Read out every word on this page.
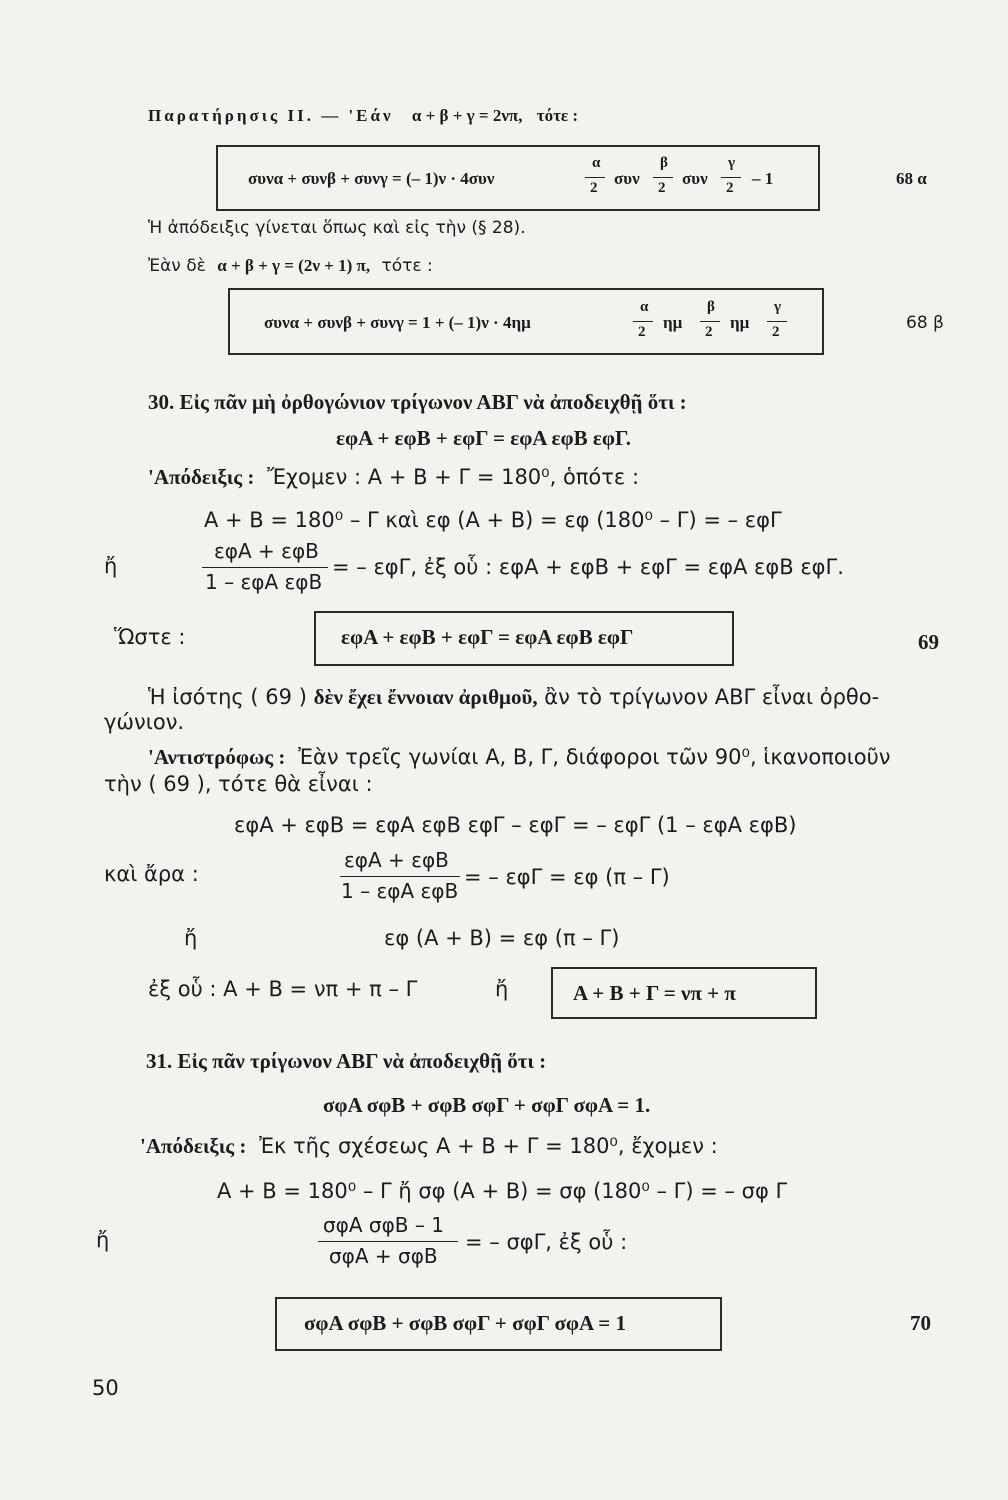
Παρατήρησις ΙΙ. — 'Εάν α + β + γ = 2νπ, τότε :
συνα + συνβ + συνγ = (– 1)ν · 4συν
α
2 συν
β
2 συν
γ
2 – 1	68 α
Ἡ ἀπόδειξις γίνεται ὅπως καὶ εἰς τὴν (§ 28).
Ἐὰν δὲ α + β + γ = (2ν + 1) π, τότε :
συνα + συνβ + συνγ = 1 + (– 1)ν · 4ημ
α
2 ημ
β
2 ημ
γ
2	68 β
30. Εἰς πᾶν μὴ ὀρθογώνιον τρίγωνον ΑΒΓ νὰ ἀποδειχθῇ ὅτι :
εφΑ + εφΒ + εφΓ = εφΑ εφΒ εφΓ.
'Απόδειξις : Ἔχομεν : Α + Β + Γ = 180⁰, ὁπότε :
Α + Β = 180⁰ – Γ καὶ εφ (Α + Β) = εφ (180⁰ – Γ) = – εφΓ
ἤ
εφΑ + εφΒ
1 – εφΑ εφΒ
= – εφΓ, ἐξ οὗ : εφΑ + εφΒ + εφΓ = εφΑ εφΒ εφΓ.
Ὥστε :	εφΑ + εφΒ + εφΓ = εφΑ εφΒ εφΓ	69
Ἡ ἰσότης ( 69 ) δὲν ἔχει ἔννοιαν ἀριθμοῦ, ἂν τὸ τρίγωνον ΑΒΓ εἶναι ὀρθο-
γώνιον.
'Αντιστρόφως : Ἐὰν τρεῖς γωνίαι Α, Β, Γ, διάφοροι τῶν 90⁰, ἱκανοποιοῦν
τὴν ( 69 ), τότε θὰ εἶναι :
εφΑ + εφΒ = εφΑ εφΒ εφΓ – εφΓ = – εφΓ (1 – εφΑ εφΒ)
καὶ ἄρα :
εφΑ + εφΒ
1 – εφΑ εφΒ
= – εφΓ = εφ (π – Γ)
ἤ	εφ (Α + Β) = εφ (π – Γ)
ἐξ οὗ : Α + Β = νπ + π – Γ	ἤ	Α + Β + Γ = νπ + π
31. Εἰς πᾶν τρίγωνον ΑΒΓ νὰ ἀποδειχθῇ ὅτι :
σφΑ σφΒ + σφΒ σφΓ + σφΓ σφΑ = 1.
'Απόδειξις : Ἐκ τῆς σχέσεως Α + Β + Γ = 180⁰, ἔχομεν :
Α + Β = 180⁰ – Γ ἤ σφ (Α + Β) = σφ (180⁰ – Γ) = – σφ Γ
ἤ
σφΑ σφΒ – 1
σφΑ + σφΒ
= – σφΓ, ἐξ οὗ :
σφΑ σφΒ + σφΒ σφΓ + σφΓ σφΑ = 1	70
50
